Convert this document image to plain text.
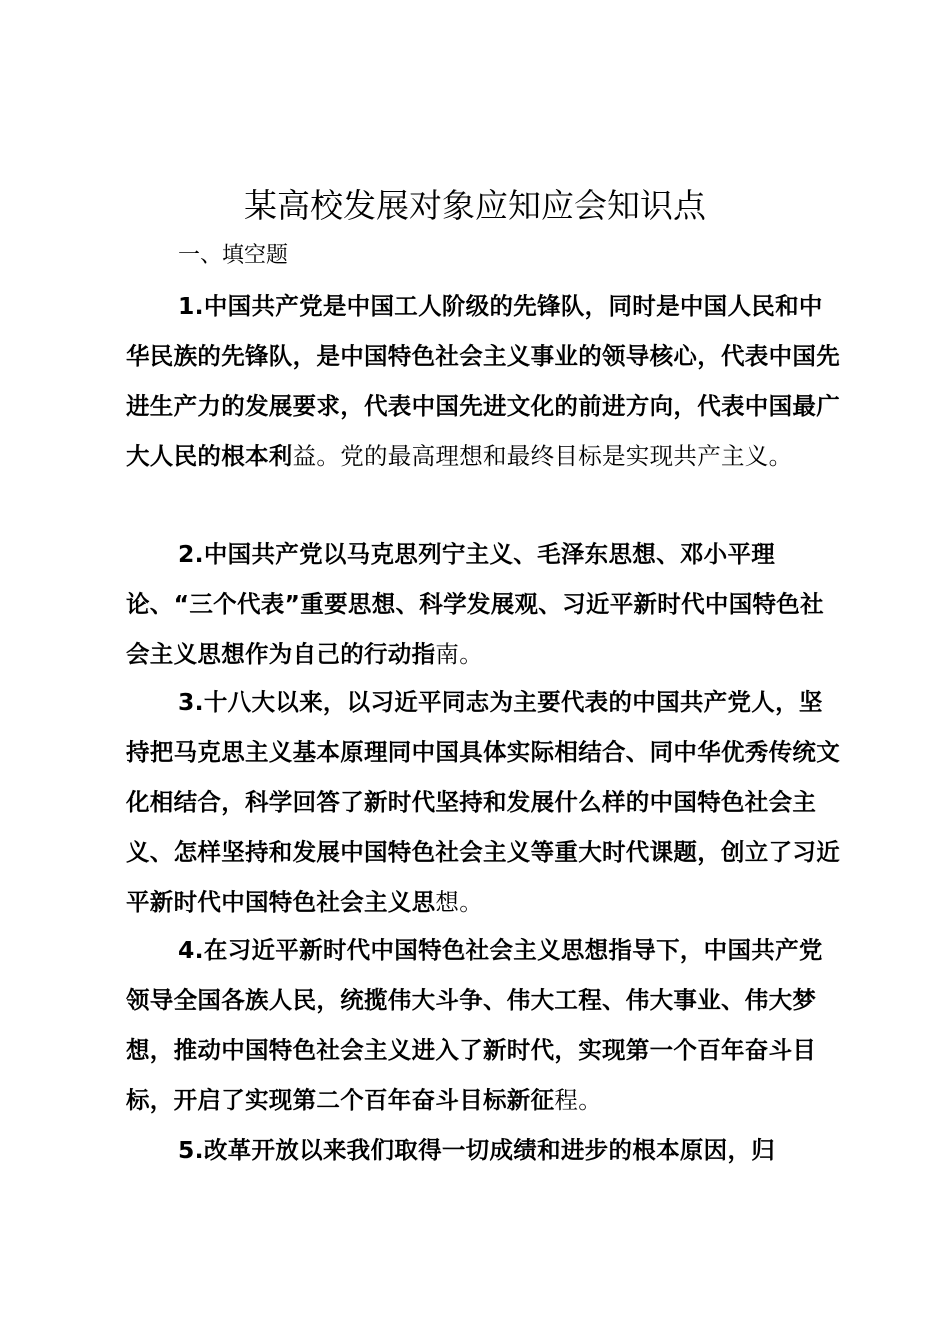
某高校发展对象应知应会知识点
一、填空题
1.中国共产党是中国工人阶级的先锋队，同时是中国人民和中华民族的先锋队，是中国特色社会主义事业的领导核心，代表中国先进生产力的发展要求，代表中国先进文化的前进方向，代表中国最广大人民的根本利益。党的最高理想和最终目标是实现共产主义。
2.中国共产党以马克思列宁主义、毛泽东思想、邓小平理论、“三个代表”重要思想、科学发展观、习近平新时代中国特色社会主义思想作为自己的行动指南。
3.十八大以来，以习近平同志为主要代表的中国共产党人，坚持把马克思主义基本原理同中国具体实际相结合、同中华优秀传统文化相结合，科学回答了新时代坚持和发展什么样的中国特色社会主义、怎样坚持和发展中国特色社会主义等重大时代课题，创立了习近平新时代中国特色社会主义思想。
4.在习近平新时代中国特色社会主义思想指导下，中国共产党领导全国各族人民，统揽伟大斗争、伟大工程、伟大事业、伟大梦想，推动中国特色社会主义进入了新时代，实现第一个百年奋斗目标，开启了实现第二个百年奋斗目标新征程。
5.改革开放以来我们取得一切成绩和进步的根本原因，归
